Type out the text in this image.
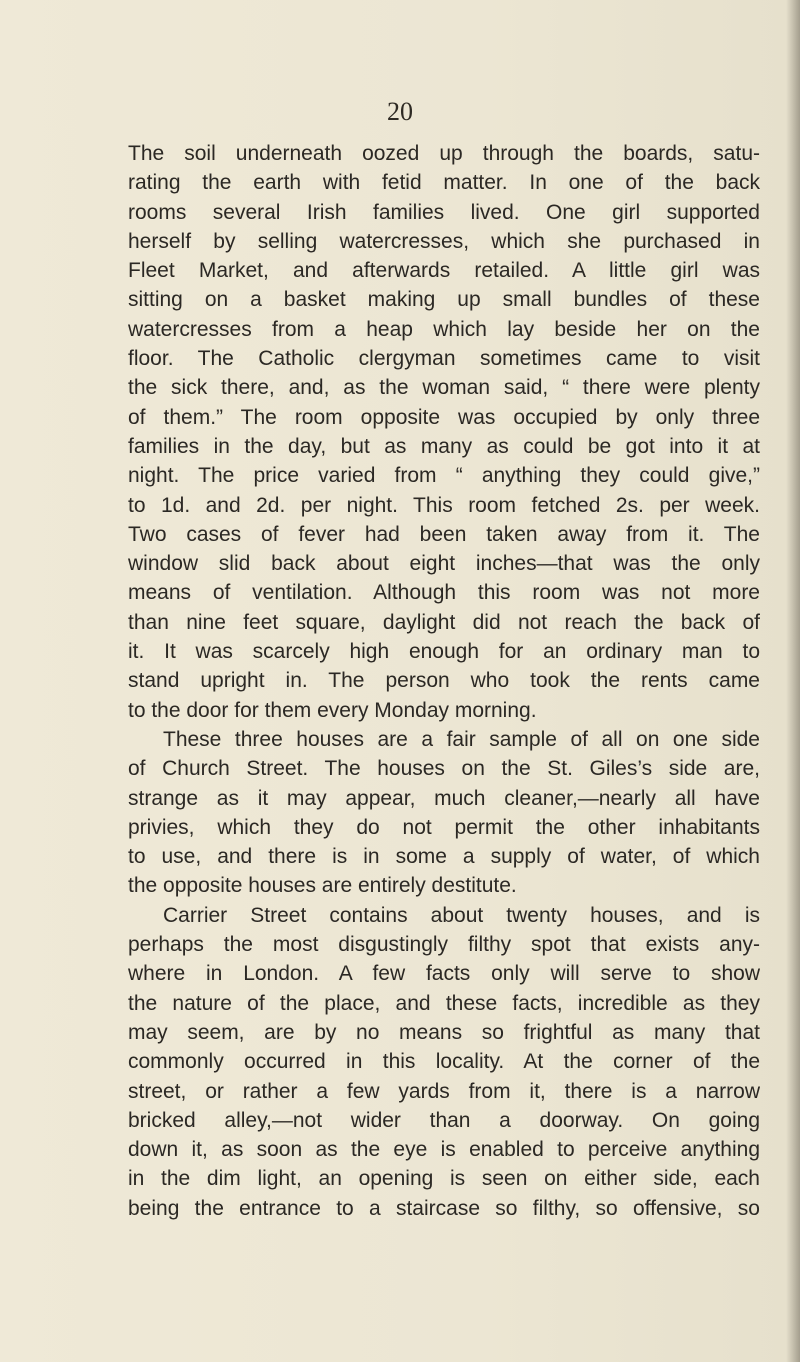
20
The soil underneath oozed up through the boards, satu-
rating the earth with fetid matter. In one of the back
rooms several Irish families lived. One girl supported
herself by selling watercresses, which she purchased in
Fleet Market, and afterwards retailed. A little girl was
sitting on a basket making up small bundles of these
watercresses from a heap which lay beside her on the
floor. The Catholic clergyman sometimes came to visit
the sick there, and, as the woman said, “ there were plenty
of them.” The room opposite was occupied by only three
families in the day, but as many as could be got into it at
night. The price varied from “ anything they could give,”
to 1d. and 2d. per night. This room fetched 2s. per week.
Two cases of fever had been taken away from it. The
window slid back about eight inches—that was the only
means of ventilation. Although this room was not more
than nine feet square, daylight did not reach the back of
it. It was scarcely high enough for an ordinary man to
stand upright in. The person who took the rents came
to the door for them every Monday morning.
These three houses are a fair sample of all on one side
of Church Street. The houses on the St. Giles’s side are,
strange as it may appear, much cleaner,—nearly all have
privies, which they do not permit the other inhabitants
to use, and there is in some a supply of water, of which
the opposite houses are entirely destitute.
Carrier Street contains about twenty houses, and is
perhaps the most disgustingly filthy spot that exists any-
where in London. A few facts only will serve to show
the nature of the place, and these facts, incredible as they
may seem, are by no means so frightful as many that
commonly occurred in this locality. At the corner of the
street, or rather a few yards from it, there is a narrow
bricked alley,—not wider than a doorway. On going
down it, as soon as the eye is enabled to perceive anything
in the dim light, an opening is seen on either side, each
being the entrance to a staircase so filthy, so offensive, so
